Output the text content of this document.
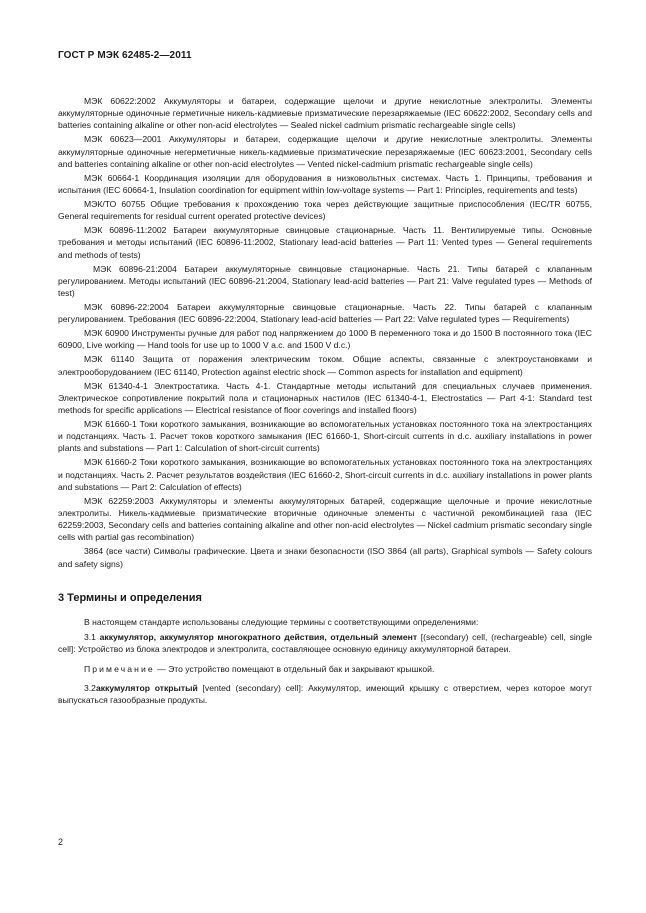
ГОСТ Р МЭК 62485-2—2011

МЭК 60622:2002 Аккумуляторы и батареи, содержащие щелочи и другие некислотные электролиты. Элементы аккумуляторные одиночные герметичные никель-кадмиевые призматические перезаряжаемые (IEC 60622:2002, Secondary cells and batteries containing alkaline or other non-acid electrolytes — Sealed nickel cadmium prismatic rechargeable single cells)

МЭК 60623—2001 Аккумуляторы и батареи, содержащие щелочи и другие некислотные электролиты. Элементы аккумуляторные одиночные негерметичные никель-кадмиевые призматические перезаряжаемые (IEC 60623:2001, Secondary cells and batteries containing alkaline or other non-acid electrolytes — Vented nickel-cadmium prismatic rechargeable single cells)

МЭК 60664-1 Координация изоляции для оборудования в низковольтных системах. Часть 1. Принципы, требования и испытания (IEC 60664-1, Insulation coordination for equipment within low-voltage systems — Part 1: Principles, requirements and tests)

МЭК/ТО 60755 Общие требования к прохождению тока через действующие защитные приспособления (IEC/TR 60755, General requirements for residual current operated protective devices)

МЭК 60896-11:2002 Батареи аккумуляторные свинцовые стационарные. Часть 11. Вентилируемые типы. Основные требования и методы испытаний (IEC 60896-11:2002, Stationary lead-acid batteries — Part 11: Vented types — General requirements and methods of tests)

МЭК 60896-21:2004 Батареи аккумуляторные свинцовые стационарные. Часть 21. Типы батарей с клапанным регулированием. Методы испытаний (IEC 60896-21:2004, Stationary lead-acid batteries — Part 21: Valve regulated types — Methods of test)

МЭК 60896-22:2004 Батареи аккумуляторные свинцовые стационарные. Часть 22. Типы батарей с клапанным регулированием. Требования (IEC 60896-22:2004, Stationary lead-acid batteries — Part 22: Valve regulated types — Requirements)

МЭК 60900 Инструменты ручные для работ под напряжением до 1000 В переменного тока и до 1500 В постоянного тока (IEC 60900, Live working — Hand tools for use up to 1000 V a.c. and 1500 V d.c.)

МЭК 61140 Защита от поражения электрическим током. Общие аспекты, связанные с электроустановками и электрооборудованием (IEC 61140, Protection against electric shock — Common aspects for installation and equipment)

МЭК 61340-4-1 Электростатика. Часть 4-1. Стандартные методы испытаний для специальных случаев применения. Электрическое сопротивление покрытий пола и стационарных настилов (IEC 61340-4-1, Electrostatics — Part 4-1: Standard test methods for specific applications — Electrical resistance of floor coverings and installed floors)

МЭК 61660-1 Токи короткого замыкания, возникающие во вспомогательных установках постоянного тока на электростанциях и подстанциях. Часть 1. Расчет токов короткого замыкания (IEC 61660-1, Short-circuit currents in d.c. auxiliary installations in power plants and substations — Part 1: Calculation of short-circuit currents)

МЭК 61660-2 Токи короткого замыкания, возникающие во вспомогательных установках постоянного тока на электростанциях и подстанциях. Часть 2. Расчет результатов воздействия (IEC 61660-2, Short-circuit currents in d.c. auxiliary installations in power plants and substations — Part 2: Calculation of effects)

МЭК 62259:2003 Аккумуляторы и элементы аккумуляторных батарей, содержащие щелочные и прочие некислотные электролиты. Никель-кадмиевые призматические вторичные одиночные элементы с частичной рекомбинацией газа (IEC 62259:2003, Secondary cells and batteries containing alkaline and other non-acid electrolytes — Nickel cadmium prismatic secondary single cells with partial gas recombination)

3864 (все части) Символы графические. Цвета и знаки безопасности (ISO 3864 (all parts), Graphical symbols — Safety colours and safety signs)

3 Термины и определения

В настоящем стандарте использованы следующие термины с соответствующими определениями:

3.1 аккумулятор, аккумулятор многократного действия, отдельный элемент [(secondary) cell, (rechargeable) cell, single cell]: Устройство из блока электродов и электролита, составляющее основную единицу аккумуляторной батареи.

Примечание — Это устройство помещают в отдельный бак и закрывают крышкой.

3.2аккумулятор открытый [vented (secondary) cell]: Аккумулятор, имеющий крышку с отверстием, через которое могут выпускаться газообразные продукты.

2
